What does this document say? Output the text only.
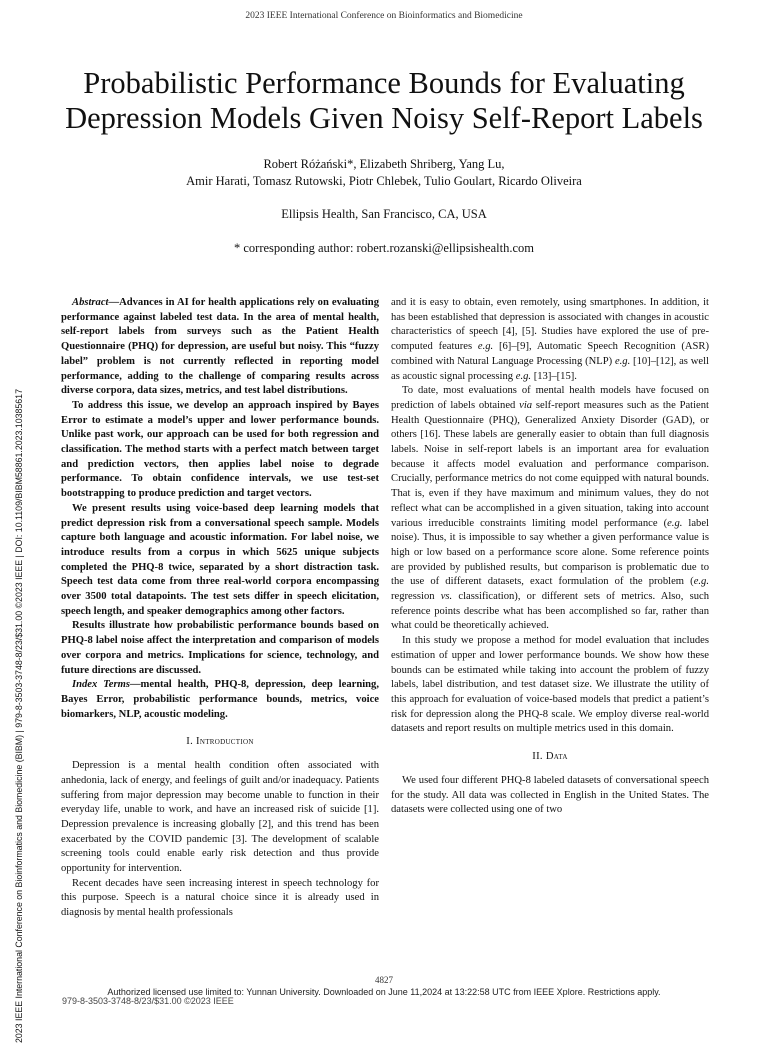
2023 IEEE International Conference on Bioinformatics and Biomedicine
Probabilistic Performance Bounds for Evaluating
Depression Models Given Noisy Self-Report Labels
Robert Różański*, Elizabeth Shriberg, Yang Lu,
Amir Harati, Tomasz Rutowski, Piotr Chlebek, Tulio Goulart, Ricardo Oliveira
Ellipsis Health, San Francisco, CA, USA
* corresponding author: robert.rozanski@ellipsishealth.com
2023 IEEE International Conference on Bioinformatics and Biomedicine (BIBM) | 979-8-3503-3748-8/23/$31.00 ©2023 IEEE | DOI: 10.1109/BIBM58861.2023.10385617

Abstract—Advances in AI for health applications rely on evaluating performance against labeled test data. In the area of mental health, self-report labels from surveys such as the Patient Health Questionnaire (PHQ) for depression, are useful but noisy. This “fuzzy label” problem is not currently reflected in reporting model performance, adding to the challenge of comparing results across diverse corpora, data sizes, metrics, and test label distributions.

To address this issue, we develop an approach inspired by Bayes Error to estimate a model’s upper and lower performance bounds. Unlike past work, our approach can be used for both regression and classification. The method starts with a perfect match between target and prediction vectors, then applies label noise to degrade performance. To obtain confidence intervals, we use test-set bootstrapping to produce prediction and target vectors.

We present results using voice-based deep learning models that predict depression risk from a conversational speech sample. Models capture both language and acoustic information. For label noise, we introduce results from a corpus in which 5625 unique subjects completed the PHQ-8 twice, separated by a short distraction task. Speech test data come from three real-world corpora encompassing over 3500 total datapoints. The test sets differ in speech elicitation, speech length, and speaker demographics among other factors.

Results illustrate how probabilistic performance bounds based on PHQ-8 label noise affect the interpretation and comparison of models over corpora and metrics. Implications for science, technology, and future directions are discussed.

Index Terms—mental health, PHQ-8, depression, deep learning, Bayes Error, probabilistic performance bounds, metrics, voice biomarkers, NLP, acoustic modeling.

I. Introduction

Depression is a mental health condition often associated with anhedonia, lack of energy, and feelings of guilt and/or inadequacy. Patients suffering from major depression may become unable to function in their everyday life, unable to work, and have an increased risk of suicide [1]. Depression prevalence is increasing globally [2], and this trend has been exacerbated by the COVID pandemic [3]. The development of scalable screening tools could enable early risk detection and thus provide opportunity for intervention.

Recent decades have seen increasing interest in speech technology for this purpose. Speech is a natural choice since it is already used in diagnosis by mental health professionals

and it is easy to obtain, even remotely, using smartphones. In addition, it has been established that depression is associated with changes in acoustic characteristics of speech [4], [5]. Studies have explored the use of pre-computed features e.g. [6]–[9], Automatic Speech Recognition (ASR) combined with Natural Language Processing (NLP) e.g. [10]–[12], as well as acoustic signal processing e.g. [13]–[15].

To date, most evaluations of mental health models have focused on prediction of labels obtained via self-report measures such as the Patient Health Questionnaire (PHQ), Generalized Anxiety Disorder (GAD), or others [16]. These labels are generally easier to obtain than full diagnosis labels. Noise in self-report labels is an important area for evaluation because it affects model evaluation and performance comparison. Crucially, performance metrics do not come equipped with natural bounds. That is, even if they have maximum and minimum values, they do not reflect what can be accomplished in a given situation, taking into account various irreducible constraints limiting model performance (e.g. label noise). Thus, it is impossible to say whether a given performance value is high or low based on a performance score alone. Some reference points are provided by published results, but comparison is problematic due to the use of different datasets, exact formulation of the problem (e.g. regression vs. classification), or different sets of metrics. Also, such reference points describe what has been accomplished so far, rather than what could be theoretically achieved.

In this study we propose a method for model evaluation that includes estimation of upper and lower performance bounds. We show how these bounds can be estimated while taking into account the problem of fuzzy labels, label distribution, and test dataset size. We illustrate the utility of this approach for evaluation of voice-based models that predict a patient’s risk for depression along the PHQ-8 scale. We employ diverse real-world datasets and report results on multiple metrics used in this domain.

II. Data

We used four different PHQ-8 labeled datasets of conversational speech for the study. All data was collected in English in the United States. The datasets were collected using one of two

4827
Authorized licensed use limited to: Yunnan University. Downloaded on June 11,2024 at 13:22:58 UTC from IEEE Xplore. Restrictions apply.
979-8-3503-3748-8/23/$31.00 ©2023 IEEE
